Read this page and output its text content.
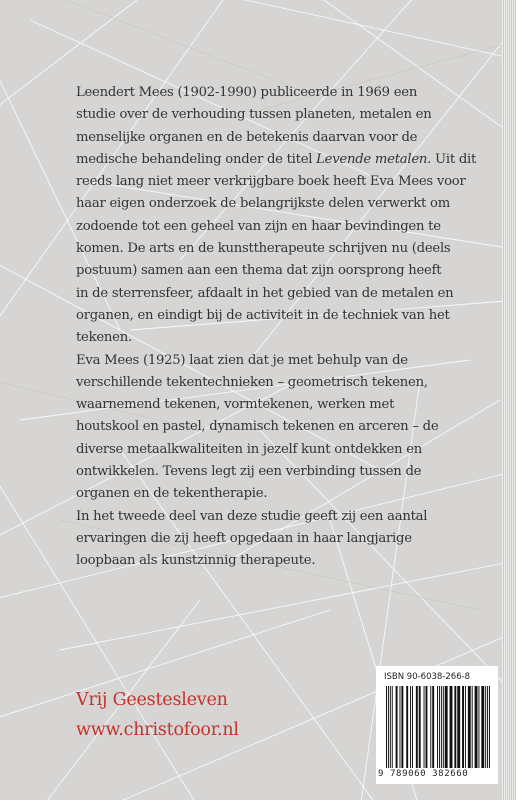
Leendert Mees (1902-1990) publiceerde in 1969 een
studie over de verhouding tussen planeten, metalen en
menselijke organen en de betekenis daarvan voor de
medische behandeling onder de titel Levende metalen. Uit dit
reeds lang niet meer verkrijgbare boek heeft Eva Mees voor
haar eigen onderzoek de belangrijkste delen verwerkt om
zodoende tot een geheel van zijn en haar bevindingen te
komen. De arts en de kunsttherapeute schrijven nu (deels
postuum) samen aan een thema dat zijn oorsprong heeft
in de sterrensfeer, afdaalt in het gebied van de metalen en
organen, en eindigt bij de activiteit in de techniek van het
tekenen.
Eva Mees (1925) laat zien dat je met behulp van de
verschillende tekentechnieken – geometrisch tekenen,
waarnemend tekenen, vormtekenen, werken met
houtskool en pastel, dynamisch tekenen en arceren – de
diverse metaalkwaliteiten in jezelf kunt ontdekken en
ontwikkelen. Tevens legt zij een verbinding tussen de
organen en de tekentherapie.
In het tweede deel van deze studie geeft zij een aantal
ervaringen die zij heeft opgedaan in haar langjarige
loopbaan als kunstzinnig therapeute.
Vrij Geestesleven
www.christofoor.nl
ISBN 90-6038-266-8
9 789060 382660
